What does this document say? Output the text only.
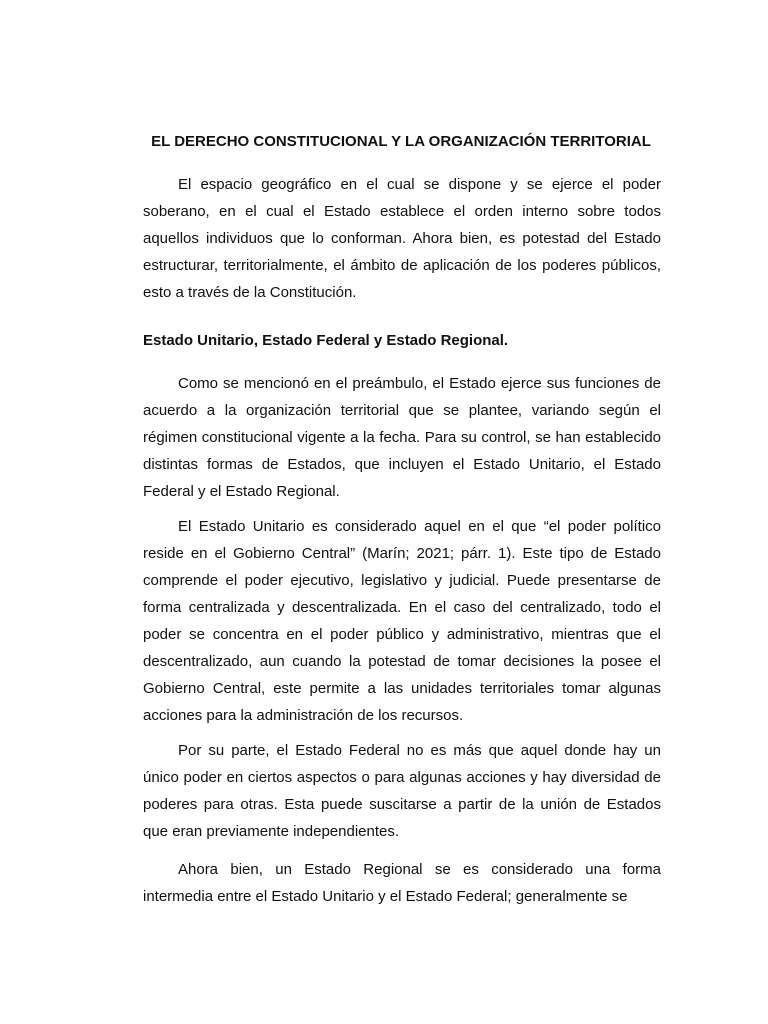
EL DERECHO CONSTITUCIONAL Y LA ORGANIZACIÓN TERRITORIAL

El espacio geográfico en el cual se dispone y se ejerce el poder soberano, en el cual el Estado establece el orden interno sobre todos aquellos individuos que lo conforman. Ahora bien, es potestad del Estado estructurar, territorialmente, el ámbito de aplicación de los poderes públicos, esto a través de la Constitución.

Estado Unitario, Estado Federal y Estado Regional.

Como se mencionó en el preámbulo, el Estado ejerce sus funciones de acuerdo a la organización territorial que se plantee, variando según el régimen constitucional vigente a la fecha. Para su control, se han establecido distintas formas de Estados, que incluyen el Estado Unitario, el Estado Federal y el Estado Regional.

El Estado Unitario es considerado aquel en el que “el poder político reside en el Gobierno Central” (Marín; 2021; párr. 1). Este tipo de Estado comprende el poder ejecutivo, legislativo y judicial. Puede presentarse de forma centralizada y descentralizada. En el caso del centralizado, todo el poder se concentra en el poder público y administrativo, mientras que el descentralizado, aun cuando la potestad de tomar decisiones la posee el Gobierno Central, este permite a las unidades territoriales tomar algunas acciones para la administración de los recursos.

Por su parte, el Estado Federal no es más que aquel donde hay un único poder en ciertos aspectos o para algunas acciones y hay diversidad de poderes para otras. Esta puede suscitarse a partir de la unión de Estados que eran previamente independientes.

Ahora bien, un Estado Regional se es considerado una forma intermedia entre el Estado Unitario y el Estado Federal; generalmente se
